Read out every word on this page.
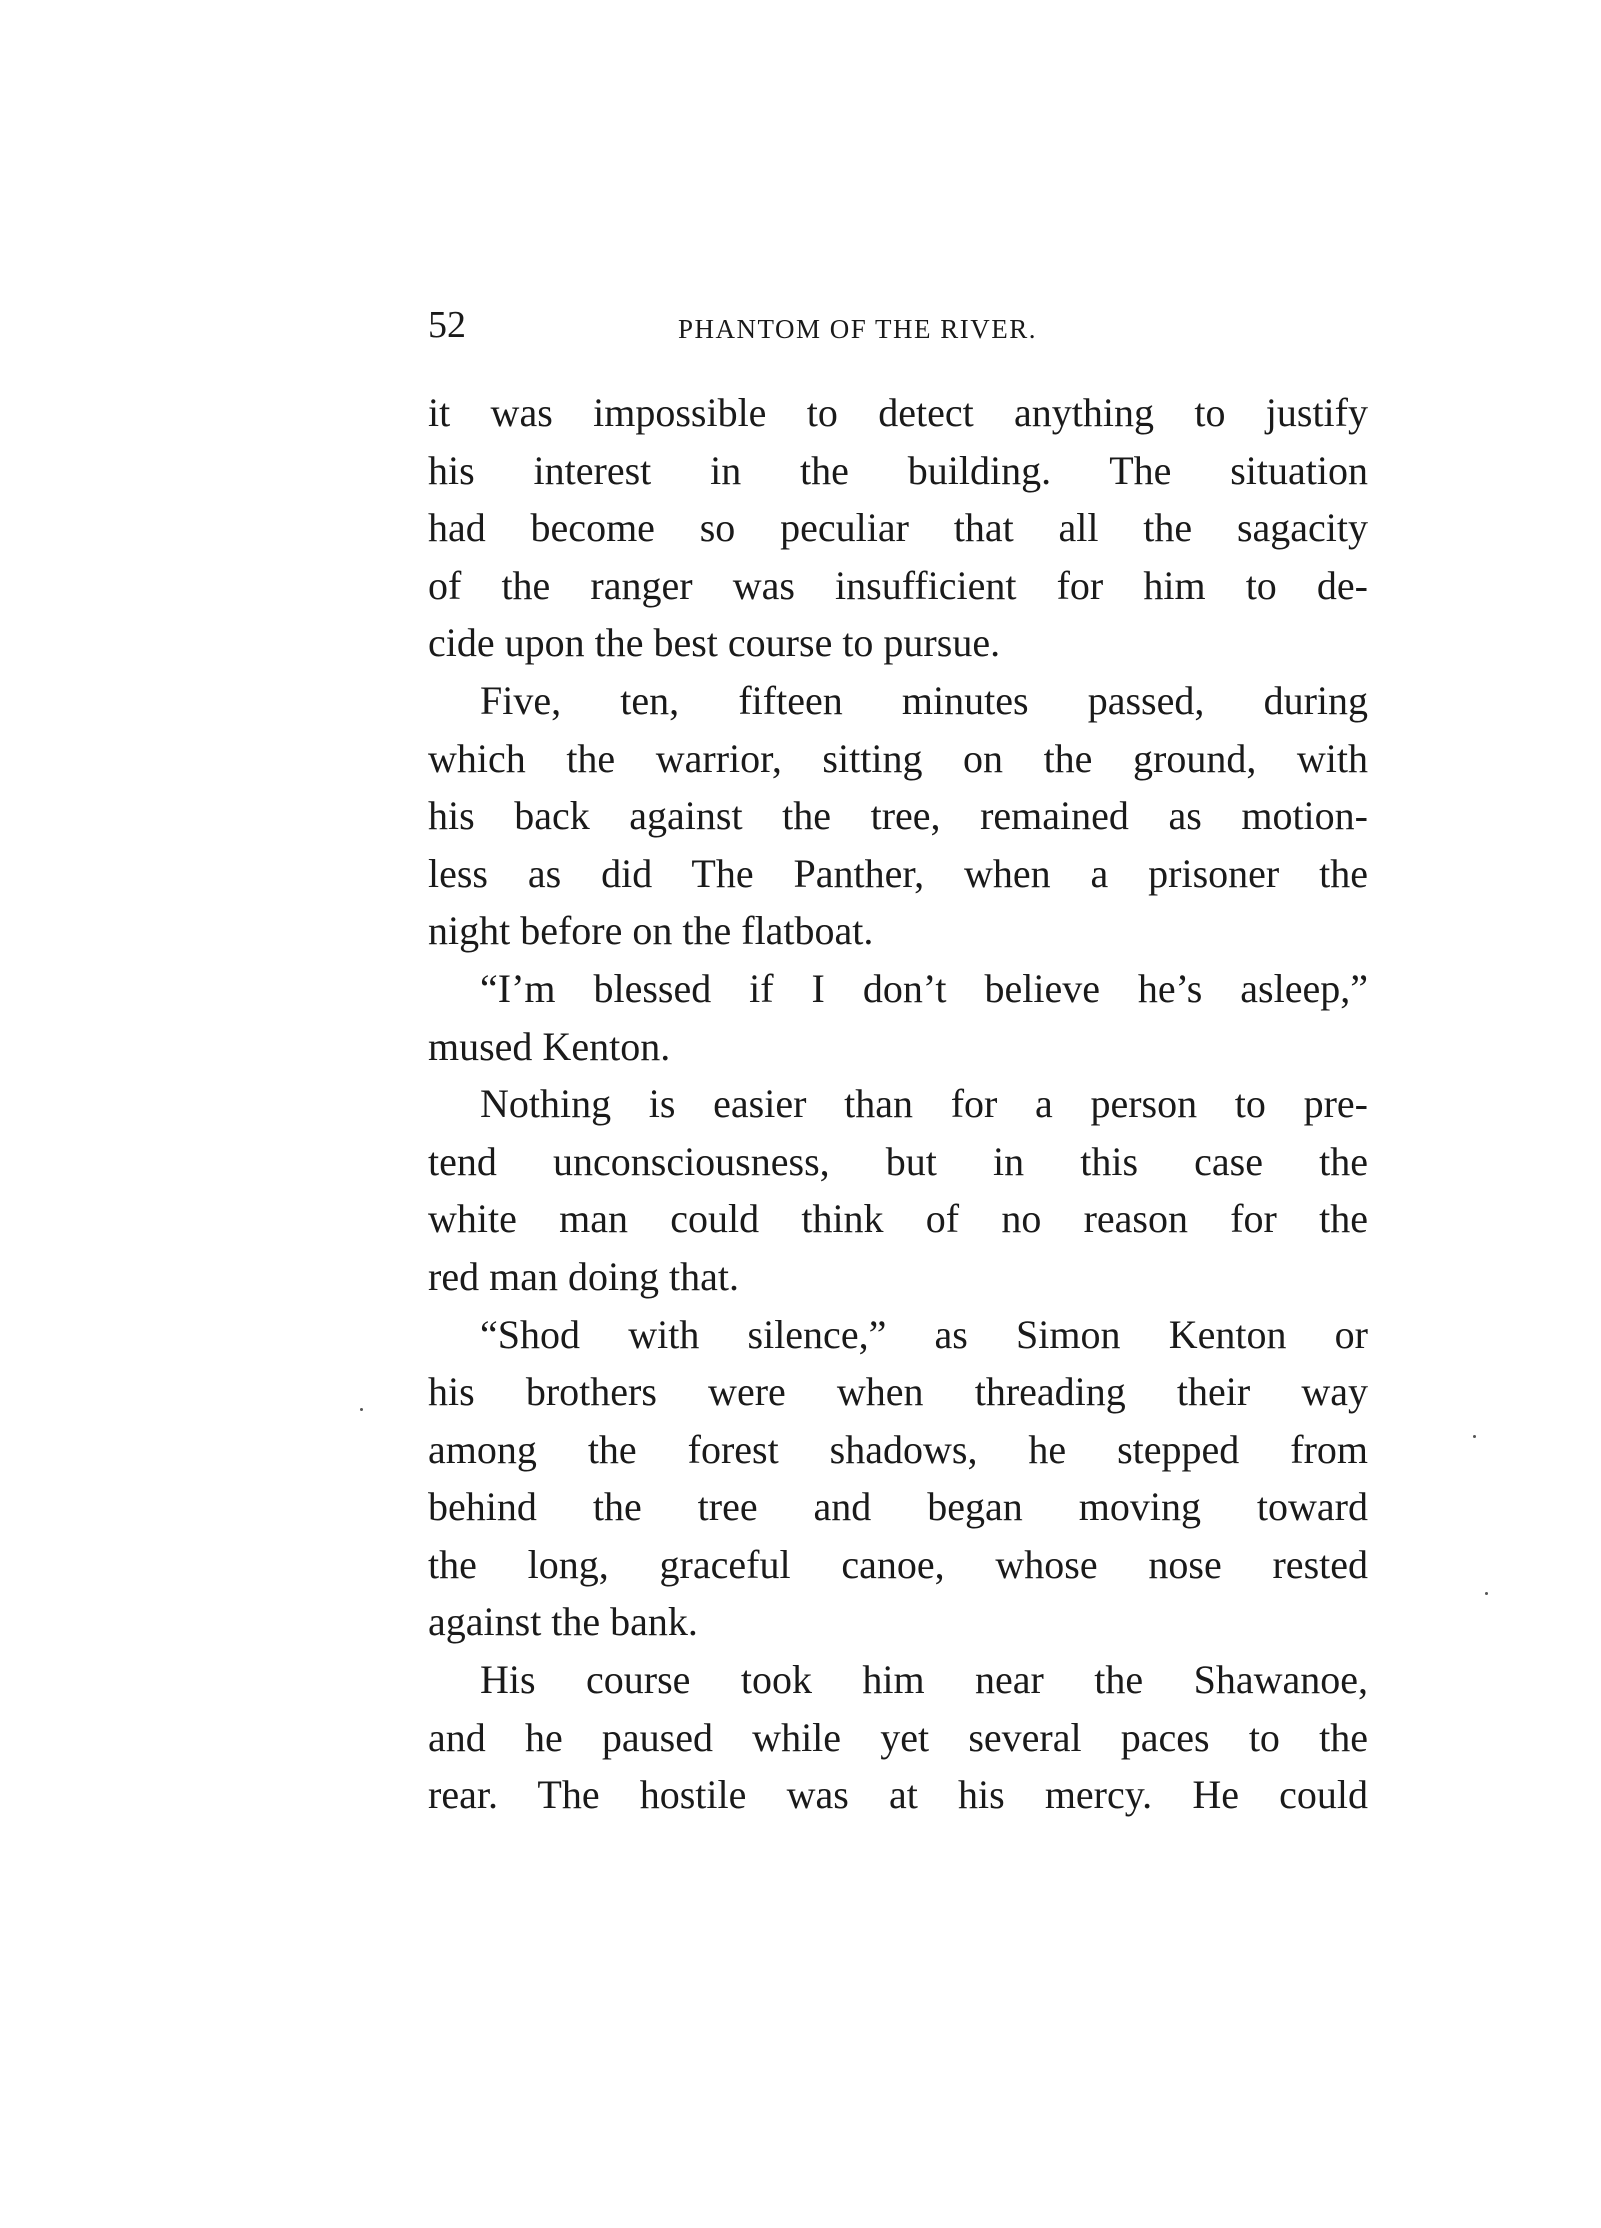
52	PHANTOM OF THE RIVER.
it was impossible to detect anything to justify
his interest in the building. The situation
had become so peculiar that all the sagacity
of the ranger was insufficient for him to de-
cide upon the best course to pursue.
Five, ten, fifteen minutes passed, during
which the warrior, sitting on the ground, with
his back against the tree, remained as motion-
less as did The Panther, when a prisoner the
night before on the flatboat.
“I’m blessed if I don’t believe he’s asleep,”
mused Kenton.
Nothing is easier than for a person to pre-
tend unconsciousness, but in this case the
white man could think of no reason for the
red man doing that.
“Shod with silence,” as Simon Kenton or
his brothers were when threading their way
among the forest shadows, he stepped from
behind the tree and began moving toward
the long, graceful canoe, whose nose rested
against the bank.
His course took him near the Shawanoe,
and he paused while yet several paces to the
rear. The hostile was at his mercy. He could
